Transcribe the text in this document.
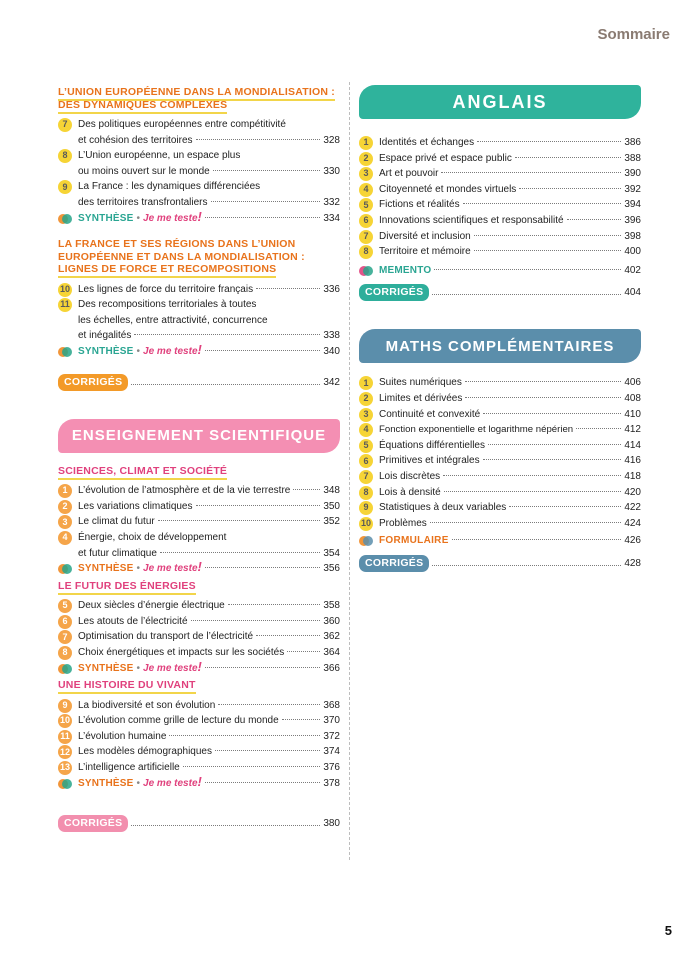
Sommaire
L’UNION EUROPÉENNE DANS LA MONDIALISATION :
DES DYNAMIQUES COMPLEXES
7	Des politiques européennes entre compétitivité
et cohésion des territoires	328
8	L’Union européenne, un espace plus
ou moins ouvert sur le monde	330
9	La France : les dynamiques différenciées
des territoires transfrontaliers	332
SYNTHÈSE • Je me teste!	334
LA FRANCE ET SES RÉGIONS DANS L’UNION
EUROPÉENNE ET DANS LA MONDIALISATION :
LIGNES DE FORCE ET RECOMPOSITIONS
10 Les lignes de force du territoire français	336
11 Des recompositions territoriales à toutes
les échelles, entre attractivité, concurrence
et inégalités	338
SYNTHÈSE • Je me teste!	340
CORRIGÉS	342
ENSEIGNEMENT SCIENTIFIQUE
SCIENCES, CLIMAT ET SOCIÉTÉ
1	L’évolution de l’atmosphère et de la vie terrestre	348
2	Les variations climatiques	350
3	Le climat du futur	352
4	Énergie, choix de développement
et futur climatique	354
SYNTHÈSE • Je me teste!	356
LE FUTUR DES ÉNERGIES
5	Deux siècles d’énergie électrique	358
6	Les atouts de l’électricité	360
7	Optimisation du transport de l’électricité	362
8	Choix énergétiques et impacts sur les sociétés	364
SYNTHÈSE • Je me teste!	366
UNE HISTOIRE DU VIVANT
9	La biodiversité et son évolution	368
10 L’évolution comme grille de lecture du monde	370
11 L’évolution humaine	372
12 Les modèles démographiques	374
13 L’intelligence artificielle	376
SYNTHÈSE • Je me teste!	378
CORRIGÉS	380
ANGLAIS
1	Identités et échanges	386
2	Espace privé et espace public	388
3	Art et pouvoir	390
4	Citoyenneté et mondes virtuels	392
5	Fictions et réalités	394
6	Innovations scientifiques et responsabilité	396
7	Diversité et inclusion	398
8	Territoire et mémoire	400
MEMENTO	402
CORRIGÉS	404
MATHS COMPLÉMENTAIRES
1	Suites numériques	406
2	Limites et dérivées	408
3	Continuité et convexité	410
4	Fonction exponentielle et logarithme népérien	412
5	Équations différentielles	414
6	Primitives et intégrales	416
7	Lois discrètes	418
8	Lois à densité	420
9	Statistiques à deux variables	422
10 Problèmes	424
FORMULAIRE	426
CORRIGÉS	428
5
